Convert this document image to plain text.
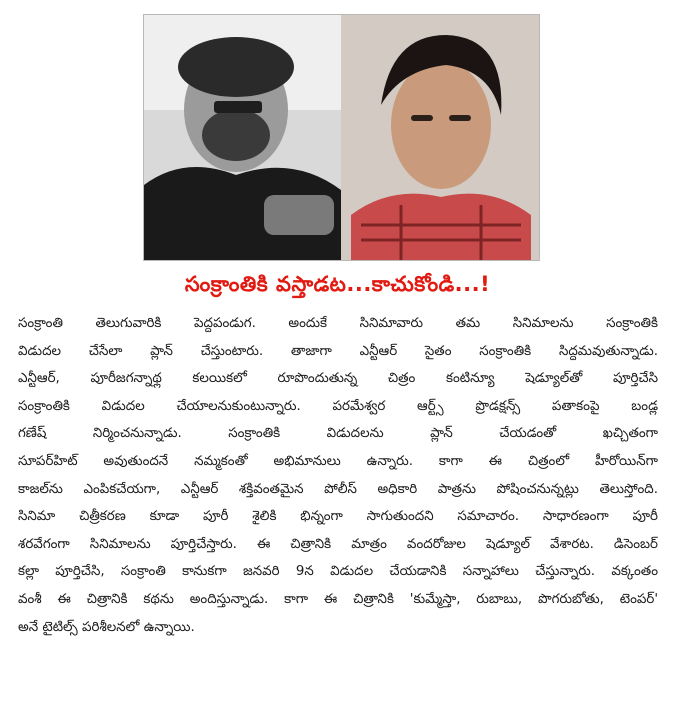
సంక్రాంతికి వస్తాడట...కాచుకోండి...!
సంక్రాంతి తెలుగువారికి పెద్దపండుగ. అందుకే సినిమావారు తమ సినిమాలను సంక్రాంతికి
విడుదల చేసేలా ప్లాన్ చేస్తుంటారు. తాజాగా ఎన్టీఆర్ సైతం సంక్రాంతికి సిద్దమవుతున్నాడు.
ఎన్టీఆర్, పూరీజగన్నాథ్ల కలయికలో రూపొందుతున్న చిత్రం కంటిన్యూ షెడ్యూల్‌తో పూర్తిచేసి
సంక్రాంతికి విడుదల చేయాలనుకుంటున్నారు. పరమేశ్వర ఆర్ట్స్ ప్రొడక్షన్స్ పతాకంపై బండ్ల
గణేష్ నిర్మించనున్నాడు. సంక్రాంతికి విడుదలను ప్లాన్ చేయడంతో ఖచ్చితంగా
సూపర్‌హిట్ అవుతుందనే నమ్మకంతో అభిమానులు ఉన్నారు. కాగా ఈ చిత్రంలో హీరోయిన్‌గా
కాజల్‌ను ఎంపికచేయగా, ఎన్టీఆర్ శక్తివంతమైన పోలీస్ అధికారి పాత్రను పోషించనున్నట్లు తెలుస్తోంది.
సినిమా చిత్రీకరణ కూడా పూరీ శైలికి భిన్నంగా సాగుతుందని సమాచారం. సాధారణంగా పూరీ
శరవేగంగా సినిమాలను పూర్తిచేస్తారు. ఈ చిత్రానికి మాత్రం వందరోజుల షెడ్యూల్ వేశారట. డిసెంబర్
కల్లా పూర్తిచేసి, సంక్రాంతి కానుకగా జనవరి 9న విడుదల చేయడానికి సన్నాహాలు చేస్తున్నారు. వక్కంతం
వంశీ ఈ చిత్రానికి కథను అందిస్తున్నాడు. కాగా ఈ చిత్రానికి 'కుమ్మేస్తా, రుబాబు, పొగరుబోతు, టెంపర్'
అనే టైటిల్స్ పరిశీలనలో ఉన్నాయి.
